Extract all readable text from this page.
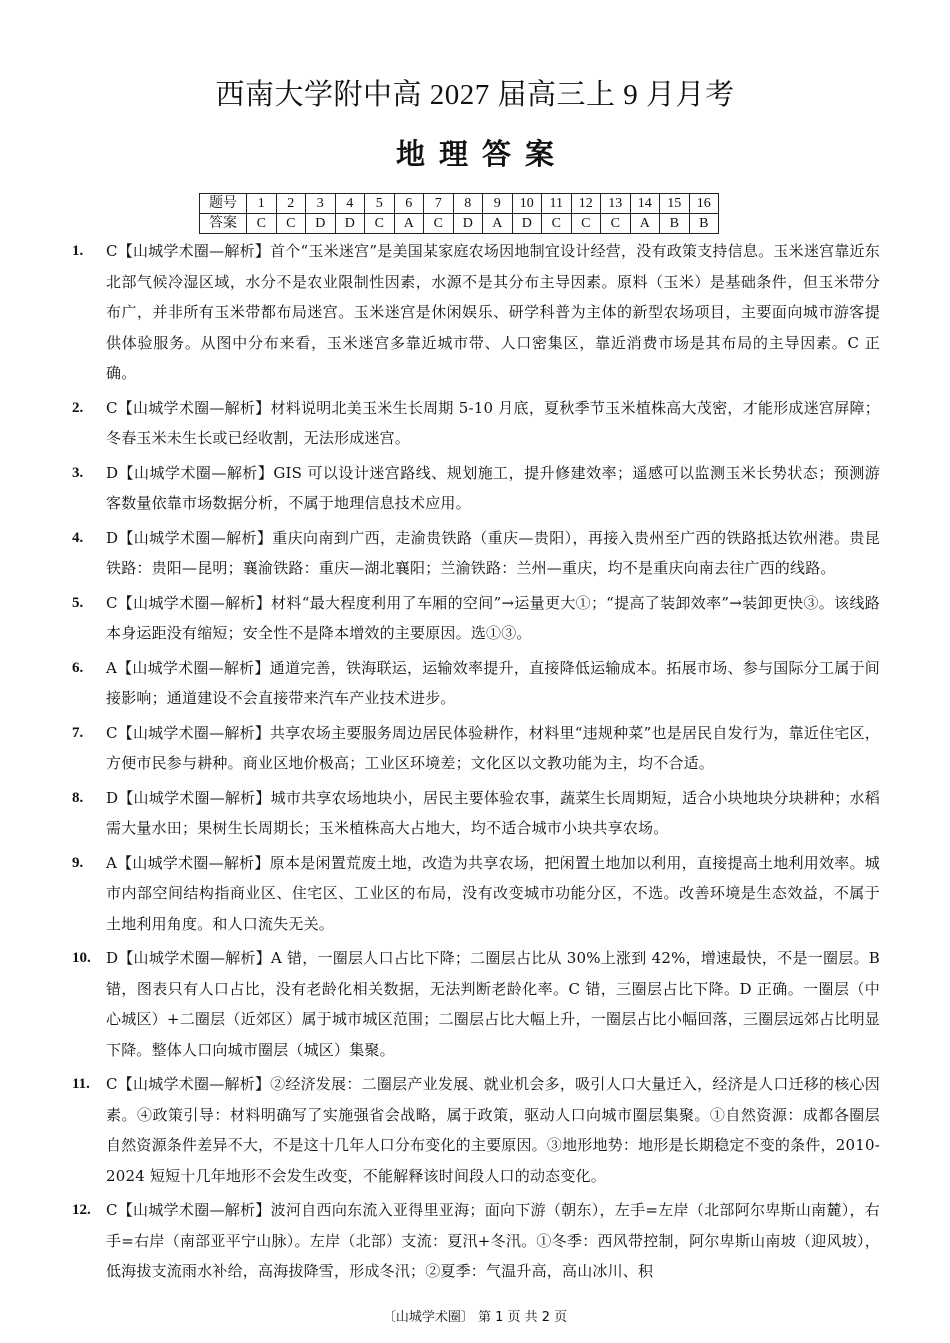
西南大学附中高 2027 届高三上 9 月月考
地理答案
题号	1	2	3	4	5	6	7	8	9	10	11	12	13	14	15	16
答案	C	C	D	D	C	A	C	D	A	D	C	C	C	A	B	B
1.	C【山城学术圈—解析】首个“玉米迷宫”是美国某家庭农场因地制宜设计经营，没有政策支持信息。玉米迷宫靠近东北部气候冷湿区域，水分不是农业限制性因素，水源不是其分布主导因素。原料（玉米）是基础条件，但玉米带分布广，并非所有玉米带都布局迷宫。玉米迷宫是休闲娱乐、研学科普为主体的新型农场项目，主要面向城市游客提供体验服务。从图中分布来看，玉米迷宫多靠近城市带、人口密集区，靠近消费市场是其布局的主导因素。C 正确。
2.	C【山城学术圈—解析】材料说明北美玉米生长周期 5-10 月底，夏秋季节玉米植株高大茂密，才能形成迷宫屏障；冬春玉米未生长或已经收割，无法形成迷宫。
3.	D【山城学术圈—解析】GIS 可以设计迷宫路线、规划施工，提升修建效率；遥感可以监测玉米长势状态；预测游客数量依靠市场数据分析，不属于地理信息技术应用。
4.	D【山城学术圈—解析】重庆向南到广西，走渝贵铁路（重庆—贵阳），再接入贵州至广西的铁路抵达钦州港。贵昆铁路：贵阳—昆明；襄渝铁路：重庆—湖北襄阳；兰渝铁路：兰州—重庆，均不是重庆向南去往广西的线路。
5.	C【山城学术圈—解析】材料“最大程度利用了车厢的空间”→运量更大①；“提高了装卸效率”→装卸更快③。该线路本身运距没有缩短；安全性不是降本增效的主要原因。选①③。
6.	A【山城学术圈—解析】通道完善，铁海联运，运输效率提升，直接降低运输成本。拓展市场、参与国际分工属于间接影响；通道建设不会直接带来汽车产业技术进步。
7.	C【山城学术圈—解析】共享农场主要服务周边居民体验耕作，材料里“违规种菜”也是居民自发行为，靠近住宅区，方便市民参与耕种。商业区地价极高；工业区环境差；文化区以文教功能为主，均不合适。
8.	D【山城学术圈—解析】城市共享农场地块小，居民主要体验农事，蔬菜生长周期短，适合小块地块分块耕种；水稻需大量水田；果树生长周期长；玉米植株高大占地大，均不适合城市小块共享农场。
9.	A【山城学术圈—解析】原本是闲置荒废土地，改造为共享农场，把闲置土地加以利用，直接提高土地利用效率。城市内部空间结构指商业区、住宅区、工业区的布局，没有改变城市功能分区，不选。改善环境是生态效益，不属于土地利用角度。和人口流失无关。
10.	D【山城学术圈—解析】A 错，一圈层人口占比下降；二圈层占比从 30%上涨到 42%，增速最快，不是一圈层。B 错，图表只有人口占比，没有老龄化相关数据，无法判断老龄化率。C 错，三圈层占比下降。D 正确。一圈层（中心城区）+二圈层（近郊区）属于城市城区范围；二圈层占比大幅上升，一圈层占比小幅回落，三圈层远郊占比明显下降。整体人口向城市圈层（城区）集聚。
11.	C【山城学术圈—解析】②经济发展：二圈层产业发展、就业机会多，吸引人口大量迁入，经济是人口迁移的核心因素。④政策引导：材料明确写了实施强省会战略，属于政策，驱动人口向城市圈层集聚。①自然资源：成都各圈层自然资源条件差异不大，不是这十几年人口分布变化的主要原因。③地形地势：地形是长期稳定不变的条件，2010-2024 短短十几年地形不会发生改变，不能解释该时间段人口的动态变化。
12.	C【山城学术圈—解析】波河自西向东流入亚得里亚海；面向下游（朝东），左手=左岸（北部阿尔卑斯山南麓），右手=右岸（南部亚平宁山脉）。左岸（北部）支流：夏汛+冬汛。①冬季：西风带控制，阿尔卑斯山南坡（迎风坡），低海拔支流雨水补给，高海拔降雪，形成冬汛；②夏季：气温升高，高山冰川、积
〔山城学术圈〕 第 1 页 共 2 页
